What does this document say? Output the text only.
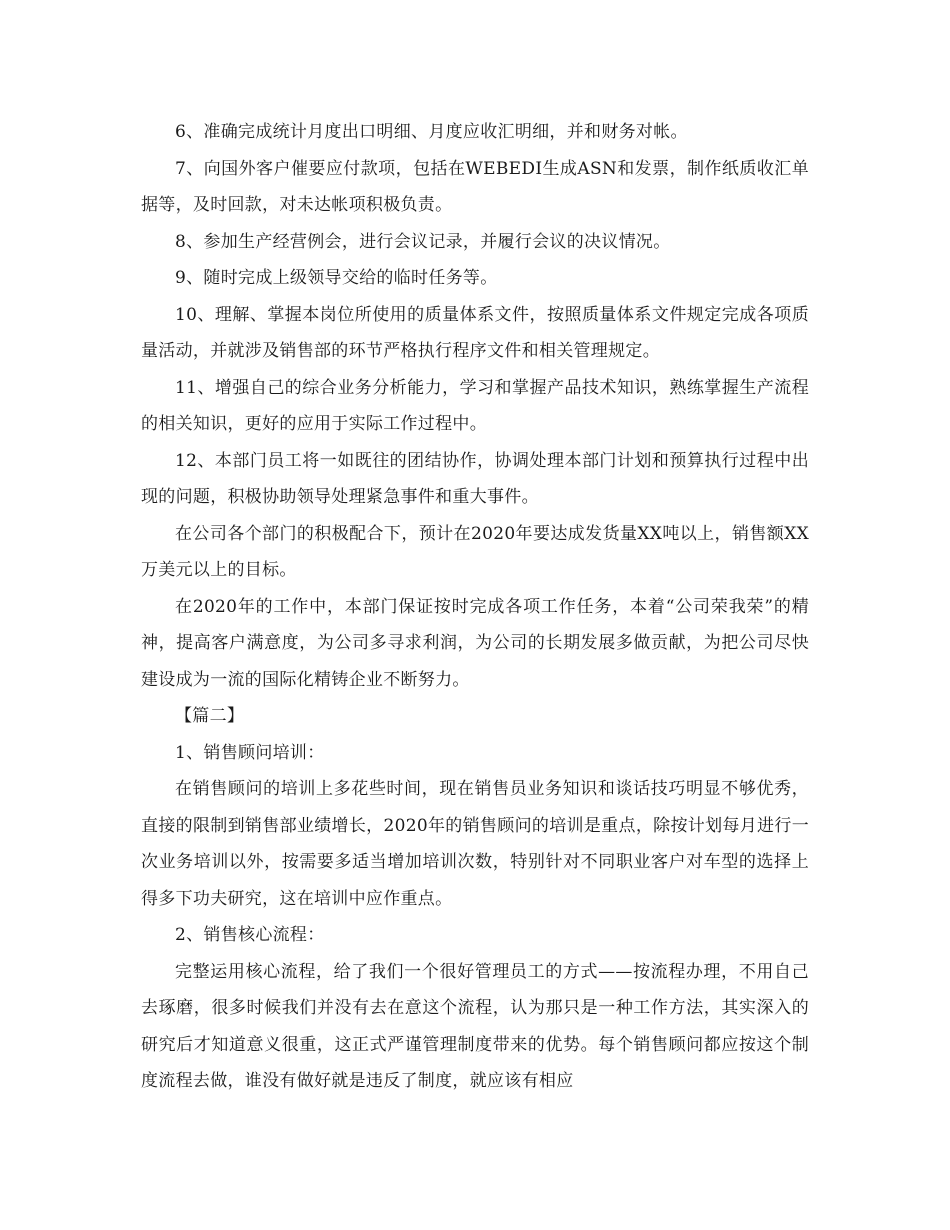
6、准确完成统计月度出口明细、月度应收汇明细，并和财务对帐。

7、向国外客户催要应付款项，包括在WEBEDI生成ASN和发票，制作纸质收汇单据等，及时回款，对未达帐项积极负责。

8、参加生产经营例会，进行会议记录，并履行会议的决议情况。

9、随时完成上级领导交给的临时任务等。

10、理解、掌握本岗位所使用的质量体系文件，按照质量体系文件规定完成各项质量活动，并就涉及销售部的环节严格执行程序文件和相关管理规定。

11、增强自己的综合业务分析能力，学习和掌握产品技术知识，熟练掌握生产流程的相关知识，更好的应用于实际工作过程中。

12、本部门员工将一如既往的团结协作，协调处理本部门计划和预算执行过程中出现的问题，积极协助领导处理紧急事件和重大事件。

在公司各个部门的积极配合下，预计在2020年要达成发货量XX吨以上，销售额XX万美元以上的目标。

在2020年的工作中，本部门保证按时完成各项工作任务，本着“公司荣我荣”的精神，提高客户满意度，为公司多寻求利润，为公司的长期发展多做贡献，为把公司尽快建设成为一流的国际化精铸企业不断努力。

【篇二】

1、销售顾问培训：

在销售顾问的培训上多花些时间，现在销售员业务知识和谈话技巧明显不够优秀，直接的限制到销售部业绩增长，2020年的销售顾问的培训是重点，除按计划每月进行一次业务培训以外，按需要多适当增加培训次数，特别针对不同职业客户对车型的选择上得多下功夫研究，这在培训中应作重点。

2、销售核心流程：

完整运用核心流程，给了我们一个很好管理员工的方式——按流程办理，不用自己去琢磨，很多时候我们并没有去在意这个流程，认为那只是一种工作方法，其实深入的研究后才知道意义很重，这正式严谨管理制度带来的优势。每个销售顾问都应按这个制度流程去做，谁没有做好就是违反了制度，就应该有相应
